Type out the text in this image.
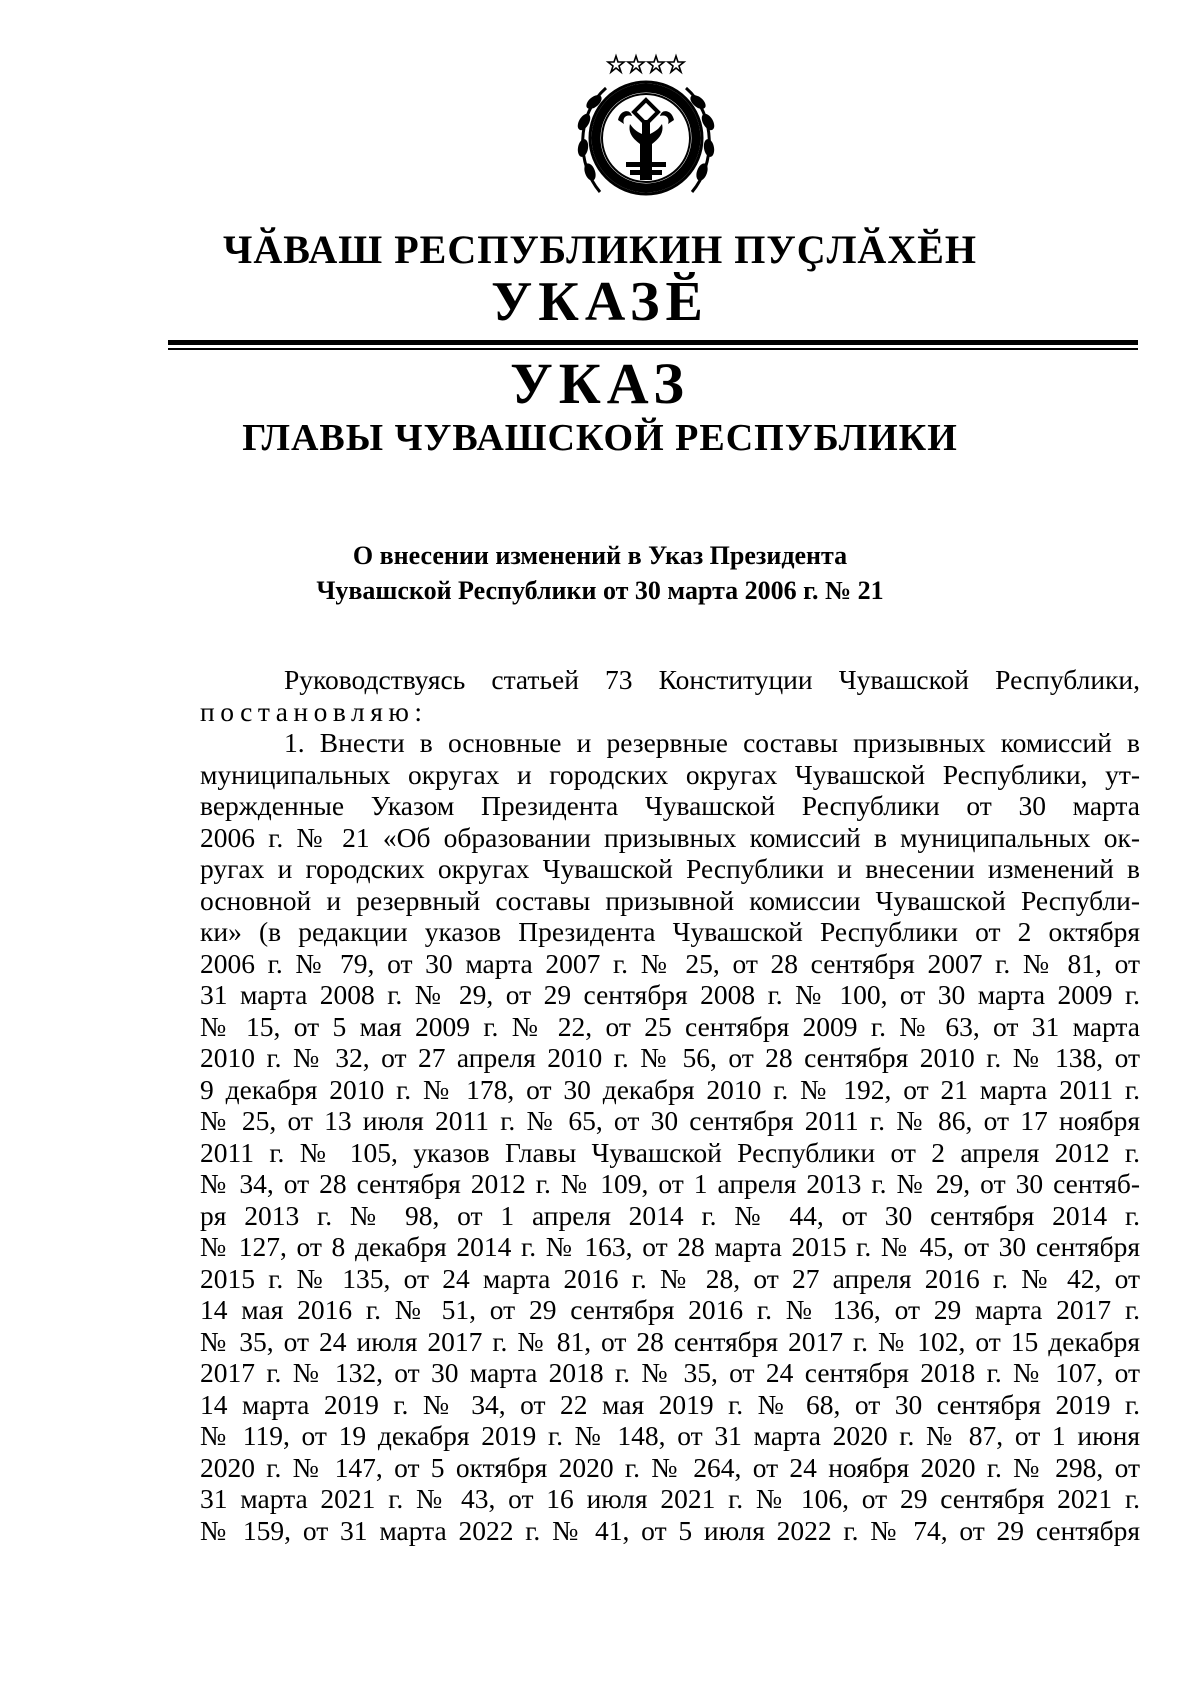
ЧӐВАШ РЕСПУБЛИКИН ПУҪЛӐХӖН
УКАЗӖ
УКАЗ
ГЛАВЫ ЧУВАШСКОЙ РЕСПУБЛИКИ
О внесении изменений в Указ Президента
Чувашской Республики от 30 марта 2006 г. № 21

Руководствуясь статьей 73 Конституции Чувашской Республики,

постановляю:

1. Внести в основные и резервные составы призывных комиссий в

муниципальных округах и городских округах Чувашской Республики, ут-

вержденные Указом Президента Чувашской Республики от 30 марта

2006 г. № 21 «Об образовании призывных комиссий в муниципальных ок-

ругах и городских округах Чувашской Республики и внесении изменений в

основной и резервный составы призывной комиссии Чувашской Республи-

ки» (в редакции указов Президента Чувашской Республики от 2 октября

2006 г. № 79, от 30 марта 2007 г. № 25, от 28 сентября 2007 г. № 81, от

31 марта 2008 г. № 29, от 29 сентября 2008 г. № 100, от 30 марта 2009 г.

№ 15, от 5 мая 2009 г. № 22, от 25 сентября 2009 г. № 63, от 31 марта

2010 г. № 32, от 27 апреля 2010 г. № 56, от 28 сентября 2010 г. № 138, от

9 декабря 2010 г. № 178, от 30 декабря 2010 г. № 192, от 21 марта 2011 г.

№ 25, от 13 июля 2011 г. № 65, от 30 сентября 2011 г. № 86, от 17 ноября

2011 г. № 105, указов Главы Чувашской Республики от 2 апреля 2012 г.

№ 34, от 28 сентября 2012 г. № 109, от 1 апреля 2013 г. № 29, от 30 сентяб-

ря 2013 г. № 98, от 1 апреля 2014 г. № 44, от 30 сентября 2014 г.

№ 127, от 8 декабря 2014 г. № 163, от 28 марта 2015 г. № 45, от 30 сентября

2015 г. № 135, от 24 марта 2016 г. № 28, от 27 апреля 2016 г. № 42, от

14 мая 2016 г. № 51, от 29 сентября 2016 г. № 136, от 29 марта 2017 г.

№ 35, от 24 июля 2017 г. № 81, от 28 сентября 2017 г. № 102, от 15 декабря

2017 г. № 132, от 30 марта 2018 г. № 35, от 24 сентября 2018 г. № 107, от

14 марта 2019 г. № 34, от 22 мая 2019 г. № 68, от 30 сентября 2019 г.

№ 119, от 19 декабря 2019 г. № 148, от 31 марта 2020 г. № 87, от 1 июня

2020 г. № 147, от 5 октября 2020 г. № 264, от 24 ноября 2020 г. № 298, от

31 марта 2021 г. № 43, от 16 июля 2021 г. № 106, от 29 сентября 2021 г.

№ 159, от 31 марта 2022 г. № 41, от 5 июля 2022 г. № 74, от 29 сентября
